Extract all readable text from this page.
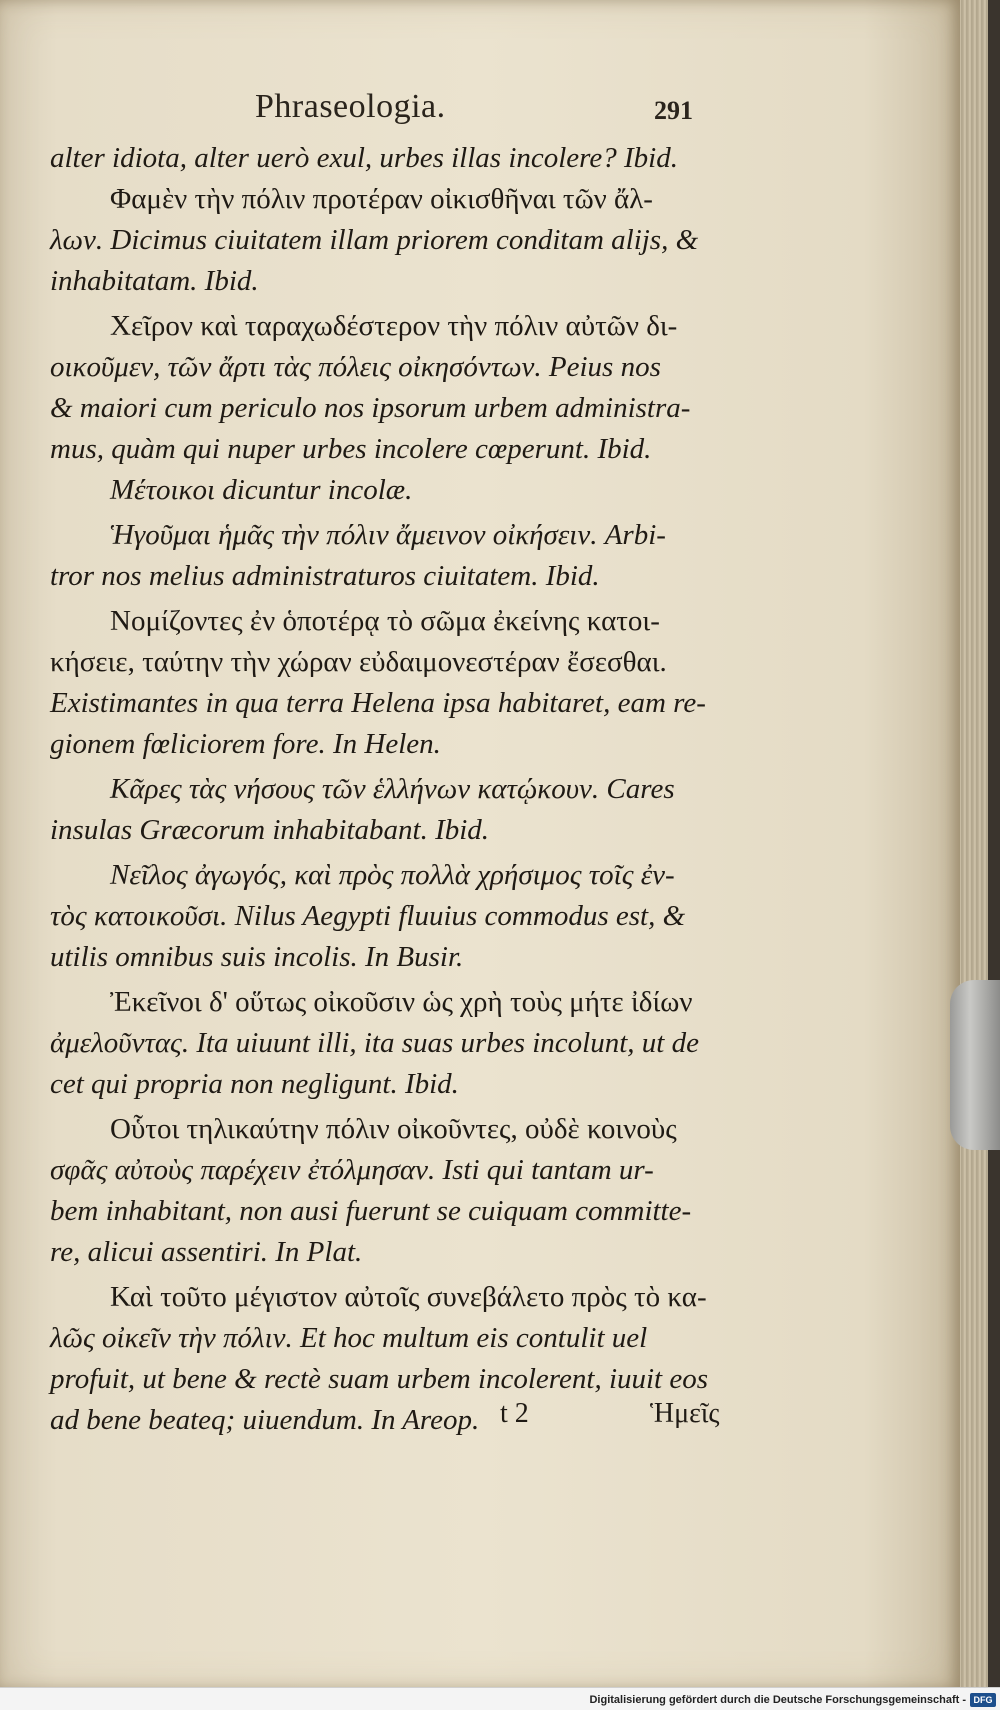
Phraseologia.	291
alter idiota, alter uerò exul, urbes illas incolere? Ibid.
Φαμὲν τὴν πόλιν προτέραν οἰκισθῆναι τῶν ἄλ-
λων. Dicimus ciuitatem illam priorem conditam alijs, &
inhabitatam. Ibid.
Χεῖρον καὶ ταραχωδέστερον τὴν πόλιν αὐτῶν δι-
οικοῦμεν, τῶν ἄρτι τὰς πόλεις οἰκησόντων. Peius nos
& maiori cum periculo nos ipsorum urbem administra-
mus, quàm qui nuper urbes incolere cœperunt. Ibid.
Μέτοικοι dicuntur incolæ.
Ἡγοῦμαι ἡμᾶς τὴν πόλιν ἄμεινον οἰκήσειν. Arbi-
tror nos melius administraturos ciuitatem. Ibid.
Νομίζοντες ἐν ὁποτέρᾳ τὸ σῶμα ἐκείνης κατοι-
κήσειε, ταύτην τὴν χώραν εὐδαιμονεστέραν ἔσεσθαι.
Existimantes in qua terra Helena ipsa habitaret, eam re-
gionem fœliciorem fore. In Helen.
Κᾶρες τὰς νήσους τῶν ἑλλήνων κατῴκουν. Cares
insulas Græcorum inhabitabant. Ibid.
Νεῖλος ἀγωγός, καὶ πρὸς πολλὰ χρήσιμος τοῖς ἐν-
τὸς κατοικοῦσι. Nilus Aegypti fluuius commodus est, &
utilis omnibus suis incolis. In Busir.
Ἐκεῖνοι δ' οὕτως οἰκοῦσιν ὡς χρὴ τοὺς μήτε ἰδίων
ἀμελοῦντας. Ita uiuunt illi, ita suas urbes incolunt, ut de
cet qui propria non negligunt. Ibid.
Οὗτοι τηλικαύτην πόλιν οἰκοῦντες, οὐδὲ κοινοὺς
σφᾶς αὐτοὺς παρέχειν ἐτόλμησαν. Isti qui tantam ur-
bem inhabitant, non ausi fuerunt se cuiquam committe-
re, alicui assentiri. In Plat.
Καὶ τοῦτο μέγιστον αὐτοῖς συνεβάλετο πρὸς τὸ κα-
λῶς οἰκεῖν τὴν πόλιν. Et hoc multum eis contulit uel
profuit, ut bene & rectè suam urbem incolerent, iuuit eos
ad bene beateq; uiuendum. In Areop. t 2	Ἡμεῖς
Digitalisierung gefördert durch die Deutsche Forschungsgemeinschaft - DFG
